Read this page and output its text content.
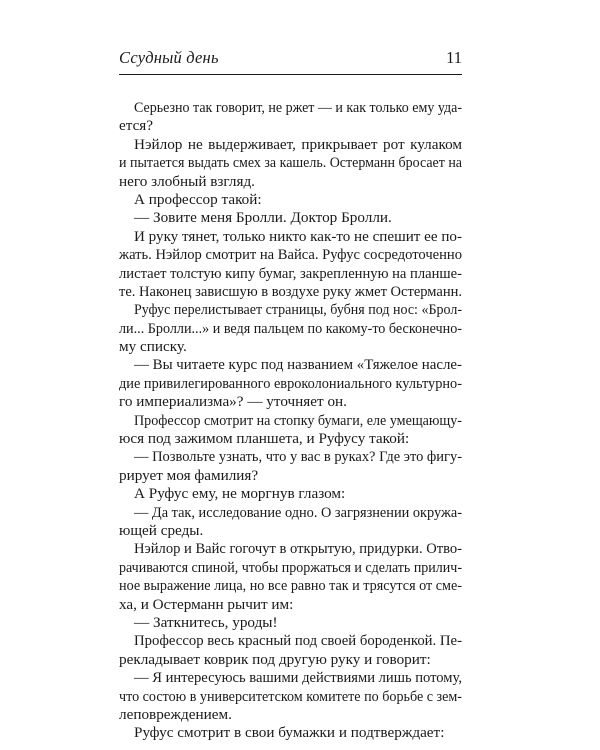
Ссудный день	11
Серьезно так говорит, не ржет — и как только ему уда-
ется?
Нэйлор не выдерживает, прикрывает рот кулаком
и пытается выдать смех за кашель. Остерманн бросает на
него злобный взгляд.
А профессор такой:
— Зовите меня Бролли. Доктор Бролли.
И руку тянет, только никто как-то не спешит ее по-
жать. Нэйлор смотрит на Вайса. Руфус сосредоточенно
листает толстую кипу бумаг, закрепленную на планше-
те. Наконец зависшую в воздухе руку жмет Остерманн.
Руфус перелистывает страницы, бубня под нос: «Брол-
ли... Бролли...» и ведя пальцем по какому-то бесконечно-
му списку.
— Вы читаете курс под названием «Тяжелое насле-
дие привилегированного евроколониального культурно-
го империализма»? — уточняет он.
Профессор смотрит на стопку бумаги, еле умещающу-
юся под зажимом планшета, и Руфусу такой:
— Позвольте узнать, что у вас в руках? Где это фигу-
рирует моя фамилия?
А Руфус ему, не моргнув глазом:
— Да так, исследование одно. О загрязнении окружа-
ющей среды.
Нэйлор и Вайс гогочут в открытую, придурки. Отво-
рачиваются спиной, чтобы проржаться и сделать прилич-
ное выражение лица, но все равно так и трясутся от сме-
ха, и Остерманн рычит им:
— Заткнитесь, уроды!
Профессор весь красный под своей бороденкой. Пе-
рекладывает коврик под другую руку и говорит:
— Я интересуюсь вашими действиями лишь потому,
что состою в университетском комитете по борьбе с зем-
леповреждением.
Руфус смотрит в свои бумажки и подтверждает:
